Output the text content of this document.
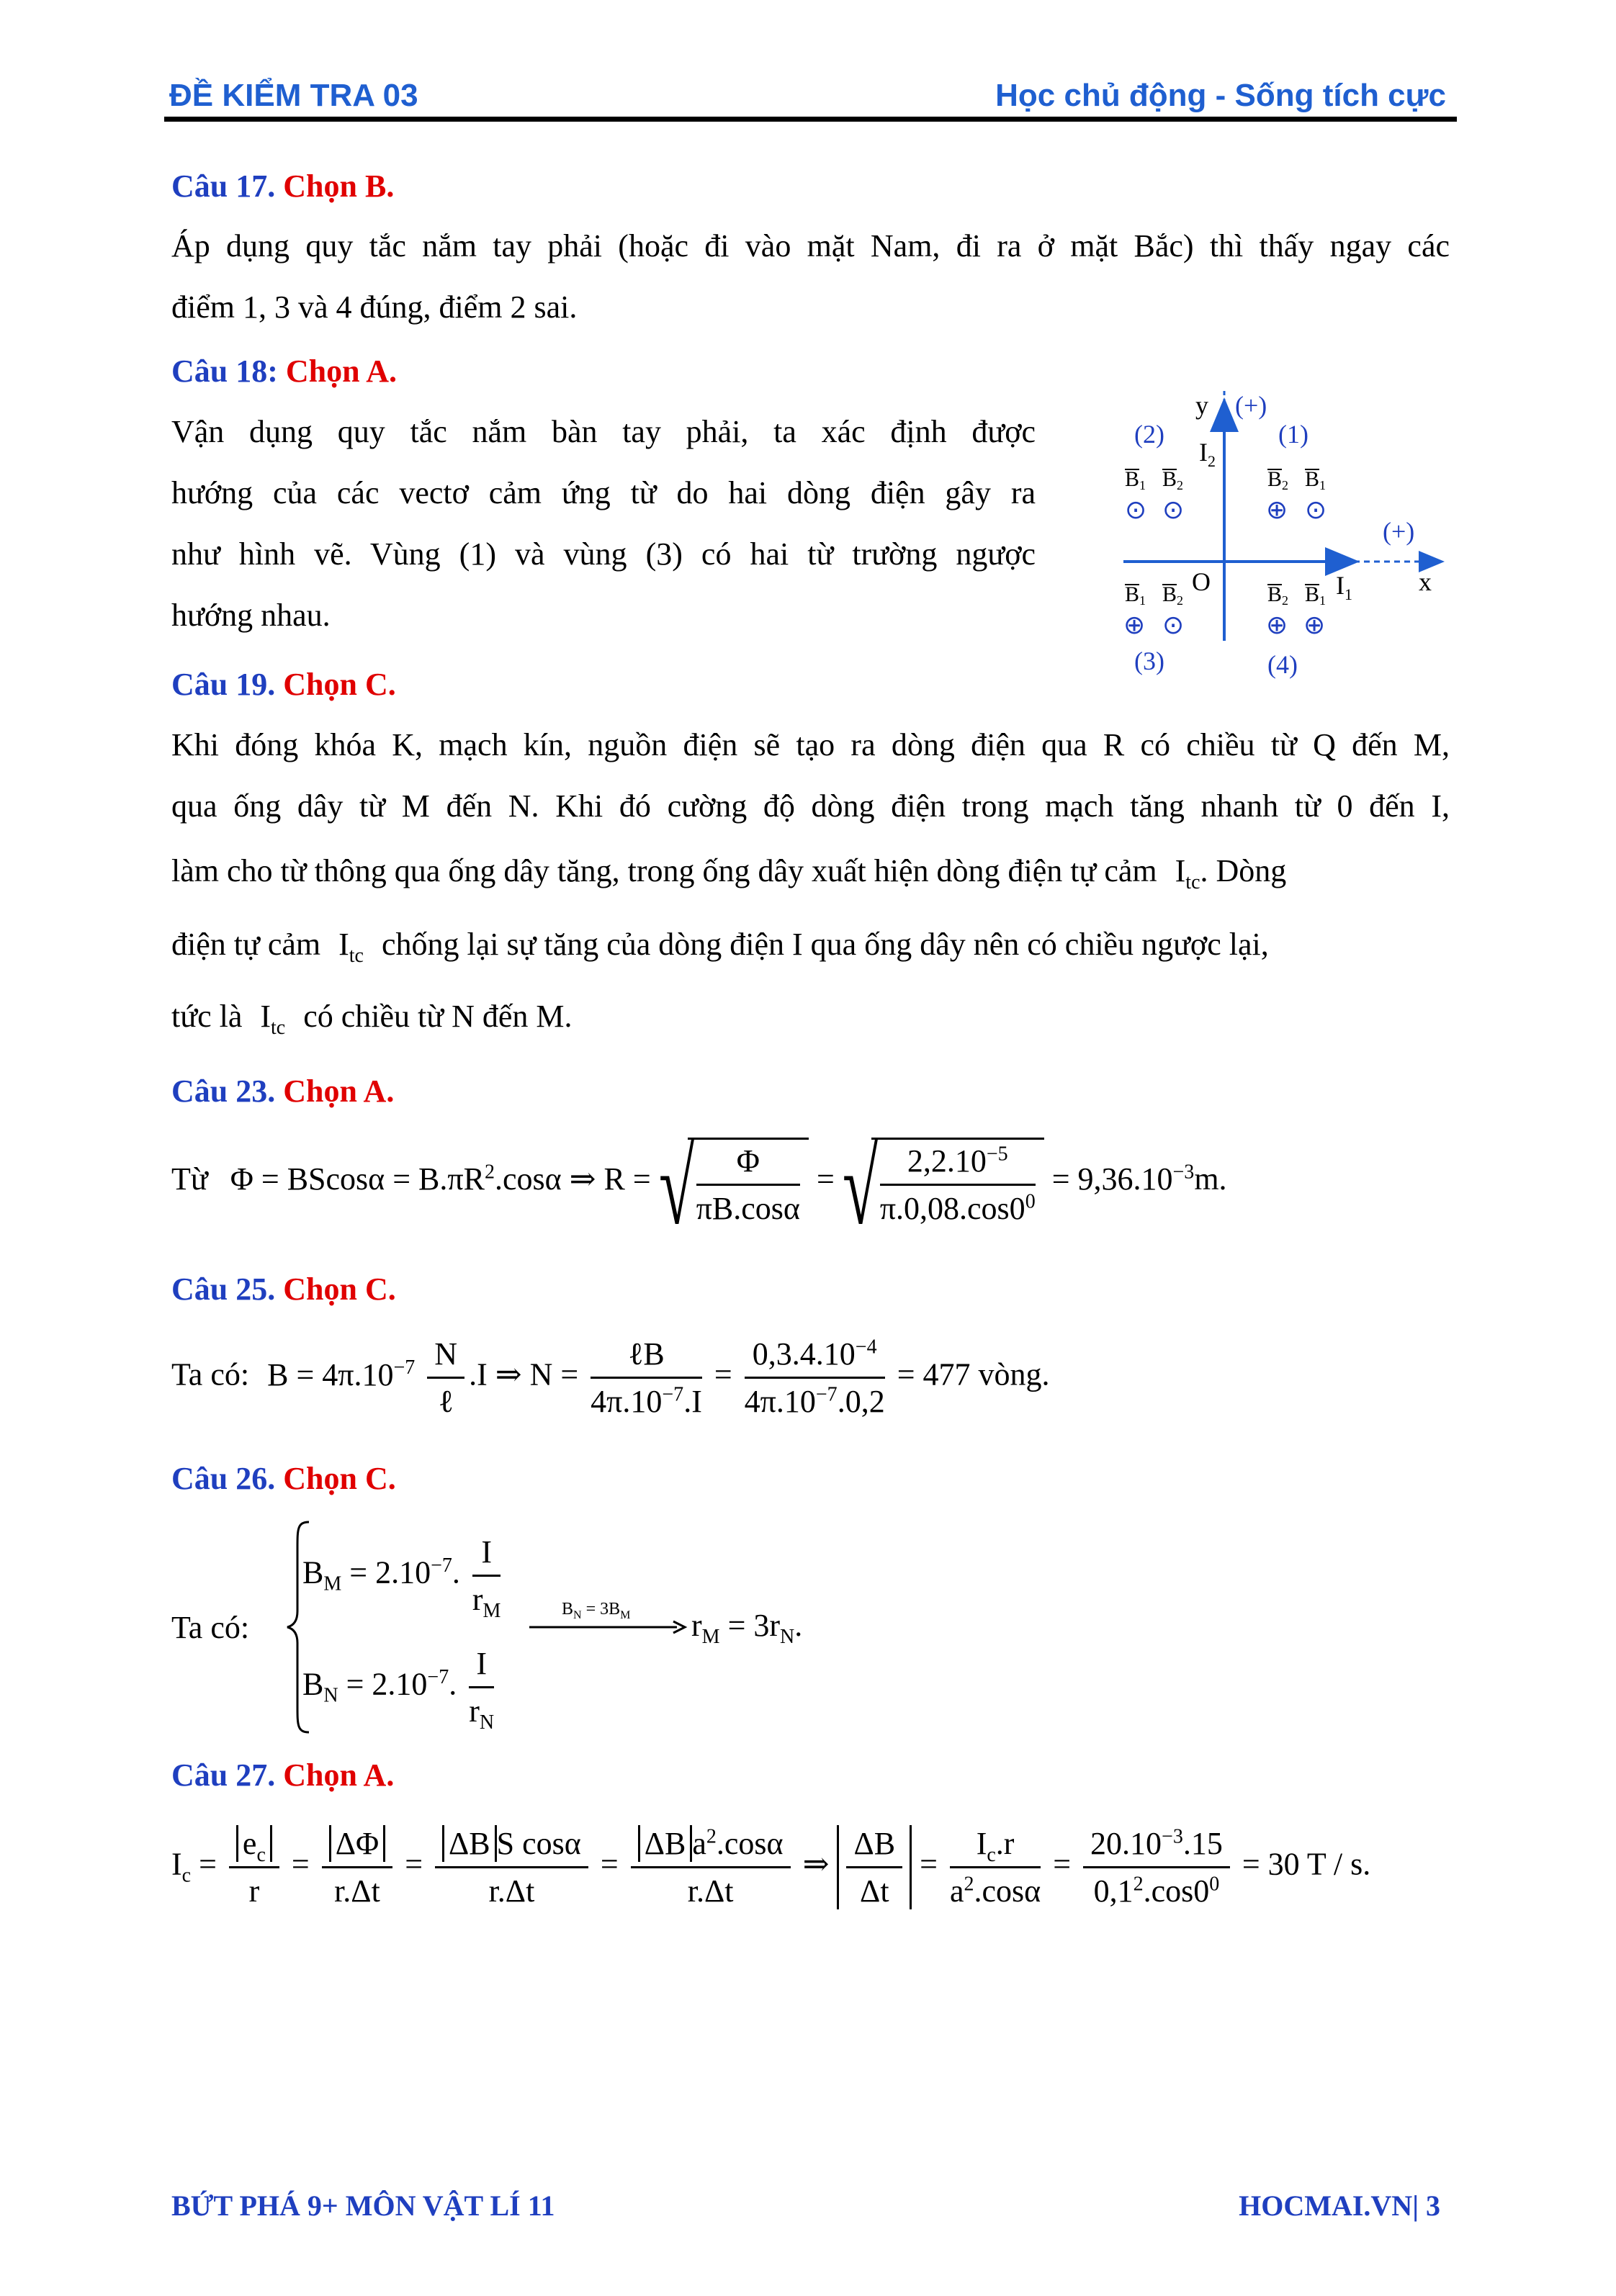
ĐỀ KIỂM TRA 03	Học chủ động - Sống tích cực
Câu 17. Chọn B.
Áp dụng quy tắc nắm tay phải (hoặc đi vào mặt Nam, đi ra ở mặt Bắc) thì thấy ngay các
điểm 1, 3 và 4 đúng, điểm 2 sai.
Câu 18: Chọn A.
Vận dụng quy tắc nắm bàn tay phải, ta xác định được
hướng của các vectơ cảm ứng từ do hai dòng điện gây ra
như hình vẽ. Vùng (1) và vùng (3) có hai từ trường ngược
hướng nhau.
y (+)
x
(+)
O
$I_2$
$I_1$
(2)	(1)
(3)	(4)
B1 B2
⊙ ⊙
B2 B1
⊕ ⊙
B1 B2
⊕ ⊙
B2 B1
⊕ ⊕
Câu 19. Chọn C.
Khi đóng khóa K, mạch kín, nguồn điện sẽ tạo ra dòng điện qua R có chiều từ Q đến M,
qua ống dây từ M đến N. Khi đó cường độ dòng điện trong mạch tăng nhanh từ 0 đến I,
làm cho từ thông qua ống dây tăng, trong ống dây xuất hiện dòng điện tự cảm $I_{tc}$. Dòng
điện tự cảm $I_{tc}$ chống lại sự tăng của dòng điện I qua ống dây nên có chiều ngược lại,
tức là $I_{tc}$ có chiều từ N đến M.
Câu 23. Chọn A.
Từ $\Phi = BScos\alpha = B.\pi R^2.\cos\alpha$ ⇒ R = √ $\frac{\Phi}{\pi B.\cos\alpha}$ = √ $\frac{2,2.10^{-5}}{\pi.0,08.\cos 0^0} = 9,36.10^{-3}m$.
Câu 25. Chọn C.
Ta có: $B = 4\pi.10^{-7} \frac{N}{\text{ℓ}} .I$ ⇒ $N = \frac{\text{ℓB}}{4\pi.10^{-7}.I} = \frac{0,3.4.10^{-4}}{4\pi.10^{-7}.0,2} = 477$ vòng.
Câu 26. Chọn C.
Ta có:
$B_M = 2.10^{-7}$. $\frac{I}{r_M}$
$B_N = 2.10^{-7}$. $\frac{I}{r_N}$
$B_N = 3B_M$ $r_M = 3r_N$.
Câu 27. Chọn A.
$I_c = \frac{e_c}{r} = \frac{\Delta\Phi}{r.\Delta t} = \frac{\text{ΔB S cosα}}{r.\Delta t} = \frac{\Delta B a^2.\cos\alpha}{r.\Delta t}$ ⇒ $\frac{\Delta B}{\Delta t} = \frac{I_c.r}{a^2.\cos\alpha} = \frac{20.10^{-3}.15}{0,1^2.\cos 0^0} = 30$ T / s.
BỨT PHÁ 9+ MÔN VẬT LÍ 11	HOCMAI.VN| 3
